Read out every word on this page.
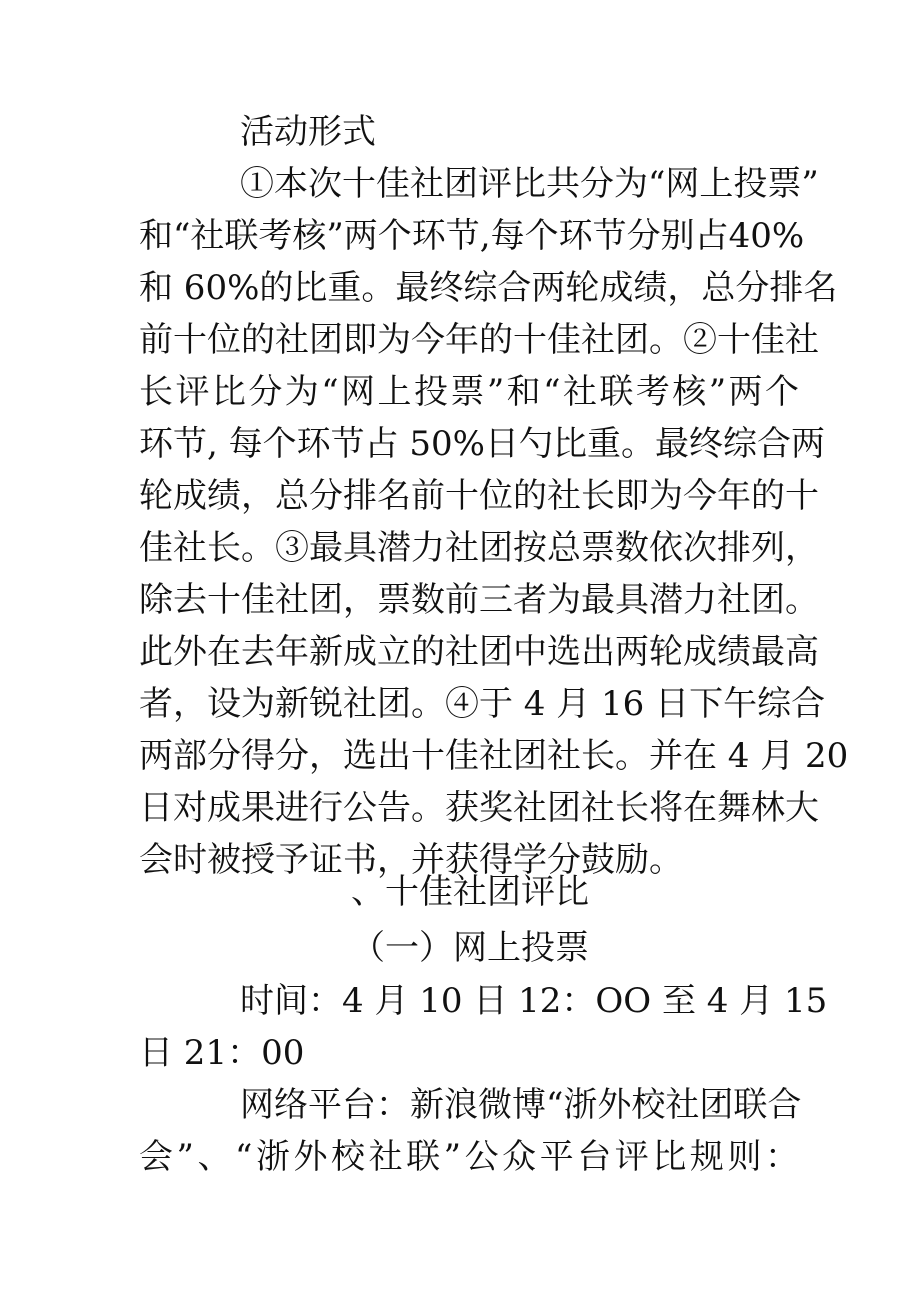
活动形式
①本次十佳社团评比共分为“网上投票”
和“社联考核”两个环节,每个环节分别占40%
和 60%的比重。最终综合两轮成绩，总分排名
前十位的社团即为今年的十佳社团。②十佳社
长评比分为“网上投票”和“社联考核”两个
环节, 每个环节占 50%日勺比重。最终综合两
轮成绩，总分排名前十位的社长即为今年的十
佳社长。③最具潜力社团按总票数依次排列，
除去十佳社团，票数前三者为最具潜力社团。
此外在去年新成立的社团中选出两轮成绩最高
者，设为新锐社团。④于 4 月 16 日下午综合
两部分得分，选出十佳社团社长。并在 4 月 20
日对成果进行公告。获奖社团社长将在舞林大
会时被授予证书，并获得学分鼓励。
、十佳社团评比
（一）网上投票
时间：4 月 10 日 12：OO 至 4 月 15
日 21：00
网络平台：新浪微博“浙外校社团联合
会”、“浙外校社联”公众平台评比规则：
